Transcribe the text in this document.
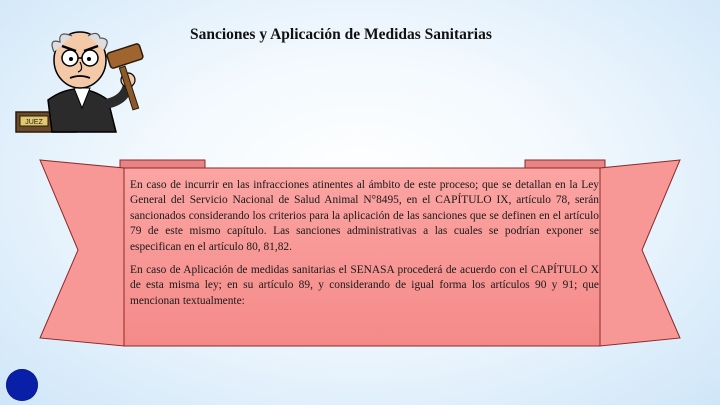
JUEZ
Sanciones y Aplicación de Medidas Sanitarias

En caso de incurrir en las infracciones atinentes al ámbito de este proceso; que se detallan en la Ley General del Servicio Nacional de Salud Animal N°8495, en el CAPÍTULO IX, artículo 78, serán sancionados considerando los criterios para la aplicación de las sanciones que se definen en el artículo 79 de este mismo capítulo. Las sanciones administrativas a las cuales se podrían exponer se especifican en el artículo 80, 81,82.

En caso de Aplicación de medidas sanitarias el SENASA procederá de acuerdo con el CAPÍTULO X de esta misma ley; en su artículo 89, y considerando de igual forma los artículos 90 y 91; que mencionan textualmente:
